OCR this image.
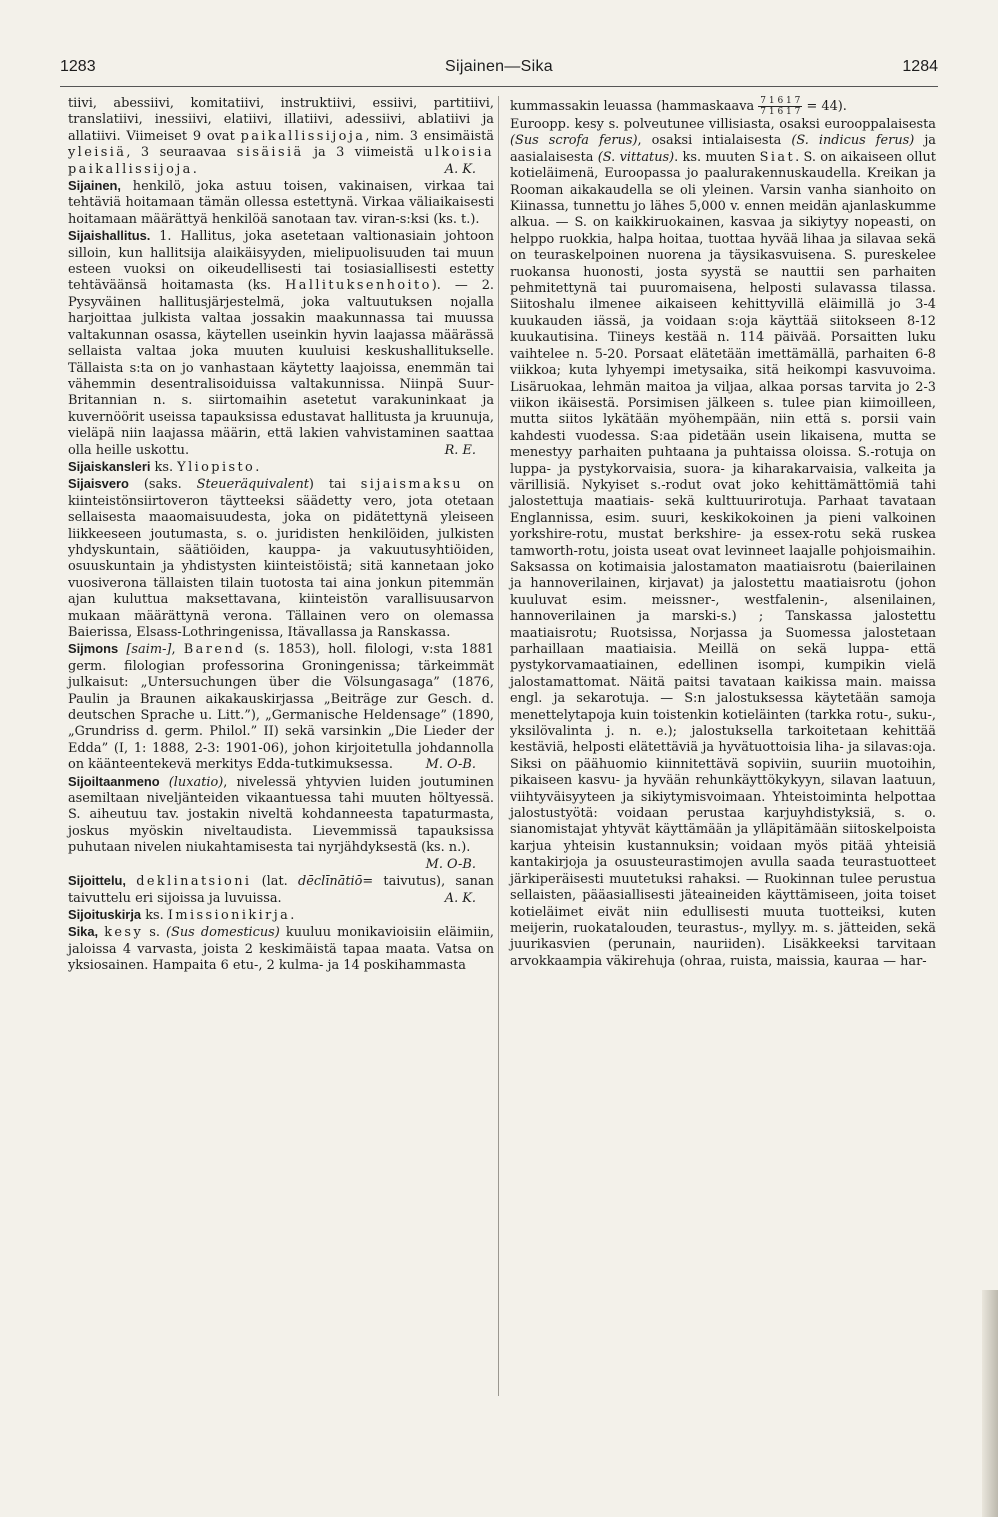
1283	Sijainen—Sika	1284

tiivi, abessiivi, komitatiivi, instruktiivi, essiivi, partitiivi, translatiivi, inessiivi, elatiivi, illatiivi, adessiivi, ablatiivi ja allatiivi. Viimeiset 9 ovat paikallissijoja, nim. 3 ensimäistä yleisiä, 3 seuraavaa sisäisiä ja 3 viimeistä ulkoisia paikallissijoja.	A. K.

Sijainen, henkilö, joka astuu toisen, vakinaisen, virkaa tai tehtäviä hoitamaan tämän ollessa estettynä. Virkaa väliaikaisesti hoitamaan määrättyä henkilöä sanotaan tav. viran-s:ksi (ks. t.).

Sijaishallitus. 1. Hallitus, joka asetetaan valtionasiain johtoon silloin, kun hallitsija alaikäisyyden, mielipuolisuuden tai muun esteen vuoksi on oikeudellisesti tai tosiasiallisesti estetty tehtäväänsä hoitamasta (ks. Hallituksenhoito). — 2. Pysyväinen hallitusjärjestelmä, joka valtuutuksen nojalla harjoittaa julkista valtaa jossakin maakunnassa tai muussa valtakunnan osassa, käytellen useinkin hyvin laajassa määrässä sellaista valtaa joka muuten kuuluisi keskushallitukselle. Tällaista s:ta on jo vanhastaan käytetty laajoissa, enemmän tai vähemmin desentralisoiduissa valtakunnissa. Niinpä Suur-Britannian n. s. siirtomaihin asetetut varakuninkaat ja kuvernöörit useissa tapauksissa edustavat hallitusta ja kruunuja, vieläpä niin laajassa määrin, että lakien vahvistaminen saattaa olla heille uskottu.	R. E.

Sijaiskansleri ks. Yliopisto.

Sijaisvero (saks. Steueräquivalent) tai sijaismaksu on kiinteistönsiirtoveron täytteeksi säädetty vero, jota otetaan sellaisesta maaomaisuudesta, joka on pidätettynä yleiseen liikkeeseen joutumasta, s. o. juridisten henkilöiden, julkisten yhdyskuntain, säätiöiden, kauppa- ja vakuutusyhtiöiden, osuuskuntain ja yhdistysten kiinteistöistä; sitä kannetaan joko vuosiverona tällaisten tilain tuotosta tai aina jonkun pitemmän ajan kuluttua maksettavana, kiinteistön varallisuusarvon mukaan määrättynä verona. Tällainen vero on olemassa Baierissa, Elsass-Lothringenissa, Itävallassa ja Ranskassa.

Sijmons [saim-], Barend (s. 1853), holl. filologi, v:sta 1881 germ. filologian professorina Groningenissa; tärkeimmät julkaisut: „Untersuchungen über die Völsungasaga” (1876, Paulin ja Braunen aikakauskirjassa „Beiträge zur Gesch. d. deutschen Sprache u. Litt.”), „Germanische Heldensage” (1890, „Grundriss d. germ. Philol.” II) sekä varsinkin „Die Lieder der Edda” (I, 1: 1888, 2-3: 1901-06), johon kirjoitetulla johdannolla on käänteentekevä merkitys Edda-tutkimuksessa.	M. O-B.

Sijoiltaanmeno (luxatio), nivelessä yhtyvien luiden joutuminen asemiltaan niveljänteiden vikaantuessa tahi muuten höltyessä. S. aiheutuu tav. jostakin niveltä kohdanneesta tapaturmasta, joskus myöskin niveltaudista. Lievemmissä tapauksissa puhutaan nivelen niukahtamisesta tai nyrjähdyksestä (ks. n.).
M. O-B.

Sijoittelu, deklinatsioni (lat. dēclīnātiō= taivutus), sanan taivuttelu eri sijoissa ja luvuissa.	A. K.

Sijoituskirja ks. Imissionikirja.

Sika, kesy s. (Sus domesticus) kuuluu monikavioisiin eläimiin, jaloissa 4 varvasta, joista 2 keskimäistä tapaa maata. Vatsa on yksiosainen. Hampaita 6 etu-, 2 kulma- ja 14 poskihammasta

kummassakin leuassa (hammaskaava $\frac{7 1 6 1 7}{7 1 6 1 7} = 44$).

Euroopp. kesy s. polveutunee villisiasta, osaksi eurooppalaisesta (Sus scrofa ferus), osaksi intialaisesta (S. indicus ferus) ja aasialaisesta (S. vittatus). ks. muuten Siat. S. on aikaiseen ollut kotieläimenä, Euroopassa jo paalurakennuskaudella. Kreikan ja Rooman aikakaudella se oli yleinen. Varsin vanha sianhoito on Kiinassa, tunnettu jo lähes 5,000 v. ennen meidän ajanlaskumme alkua. — S. on kaikkiruokainen, kasvaa ja sikiytyy nopeasti, on helppo ruokkia, halpa hoitaa, tuottaa hyvää lihaa ja silavaa sekä on teuraskelpoinen nuorena ja täysikasvuisena. S. pureskelee ruokansa huonosti, josta syystä se nauttii sen parhaiten pehmitettynä tai puuromaisena, helposti sulavassa tilassa. Siitoshalu ilmenee aikaiseen kehittyvillä eläimillä jo 3-4 kuukauden iässä, ja voidaan s:oja käyttää siitokseen 8-12 kuukautisina. Tiineys kestää n. 114 päivää. Porsaitten luku vaihtelee n. 5-20. Porsaat elätetään imettämällä, parhaiten 6-8 viikkoa; kuta lyhyempi imetysaika, sitä heikompi kasvuvoima. Lisäruokaa, lehmän maitoa ja viljaa, alkaa porsas tarvita jo 2-3 viikon ikäisestä. Porsimisen jälkeen s. tulee pian kiimoilleen, mutta siitos lykätään myöhempään, niin että s. porsii vain kahdesti vuodessa. S:aa pidetään usein likaisena, mutta se menestyy parhaiten puhtaana ja puhtaissa oloissa. S.-rotuja on luppa- ja pystykorvaisia, suora- ja kiharakarvaisia, valkeita ja värillisiä. Nykyiset s.-rodut ovat joko kehittämättömiä tahi jalostettuja maatiais- sekä kulttuurirotuja. Parhaat tavataan Englannissa, esim. suuri, keskikokoinen ja pieni valkoinen yorkshire-rotu, mustat berkshire- ja essex-rotu sekä ruskea tamworth-rotu, joista useat ovat levinneet laajalle pohjoismaihin. Saksassa on kotimaisia jalostamaton maatiaisrotu (baierilainen ja hannoverilainen, kirjavat) ja jalostettu maatiaisrotu (johon kuuluvat esim. meissner-, westfalenin-, alsenilainen, hannoverilainen ja marski-s.) ; Tanskassa jalostettu maatiaisrotu; Ruotsissa, Norjassa ja Suomessa jalostetaan parhaillaan maatiaisia. Meillä on sekä luppa- että pystykorvamaatiainen, edellinen isompi, kumpikin vielä jalostamattomat. Näitä paitsi tavataan kaikissa main. maissa engl. ja sekarotuja. — S:n jalostuksessa käytetään samoja menettelytapoja kuin toistenkin kotieläinten (tarkka rotu-, suku-, yksilövalinta j. n. e.); jalostuksella tarkoitetaan kehittää kestäviä, helposti elätettäviä ja hyvätuottoisia liha- ja silavas:oja. Siksi on päähuomio kiinnitettävä sopiviin, suuriin muotoihin, pikaiseen kasvu- ja hyvään rehunkäyttökykyyn, silavan laatuun, viihtyväisyyteen ja sikiytymisvoimaan. Yhteistoiminta helpottaa jalostustyötä: voidaan perustaa karjuyhdistyksiä, s. o. sianomistajat yhtyvät käyttämään ja ylläpitämään siitoskelpoista karjua yhteisin kustannuksin; voidaan myös pitää yhteisiä kantakirjoja ja osuusteurastimojen avulla saada teurastuotteet järkiperäisesti muutetuksi rahaksi. — Ruokinnan tulee perustua sellaisten, pääasiallisesti jäteaineiden käyttämiseen, joita toiset kotieläimet eivät niin edullisesti muuta tuotteiksi, kuten meijerin, ruokatalouden, teurastus-, myllyy. m. s. jätteiden, sekä juurikasvien (perunain, nauriiden). Lisäkkeeksi tarvitaan arvokkaampia väkirehuja (ohraa, ruista, maissia, kauraa — har-
